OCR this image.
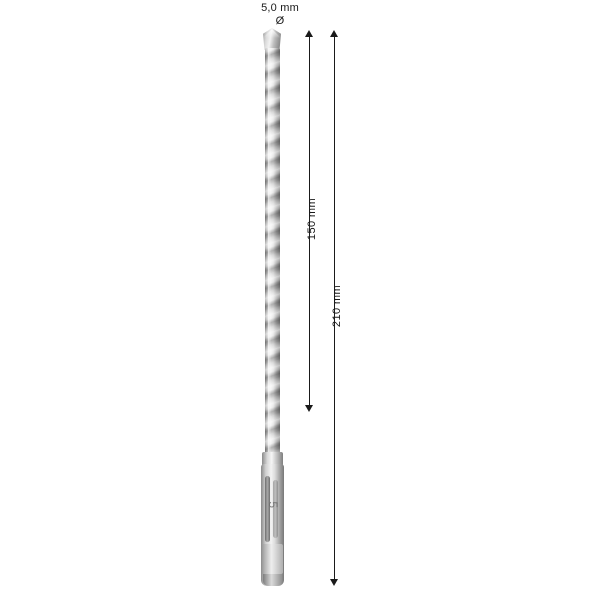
5,0 mm
Ø
5
150 mm
210 mm
